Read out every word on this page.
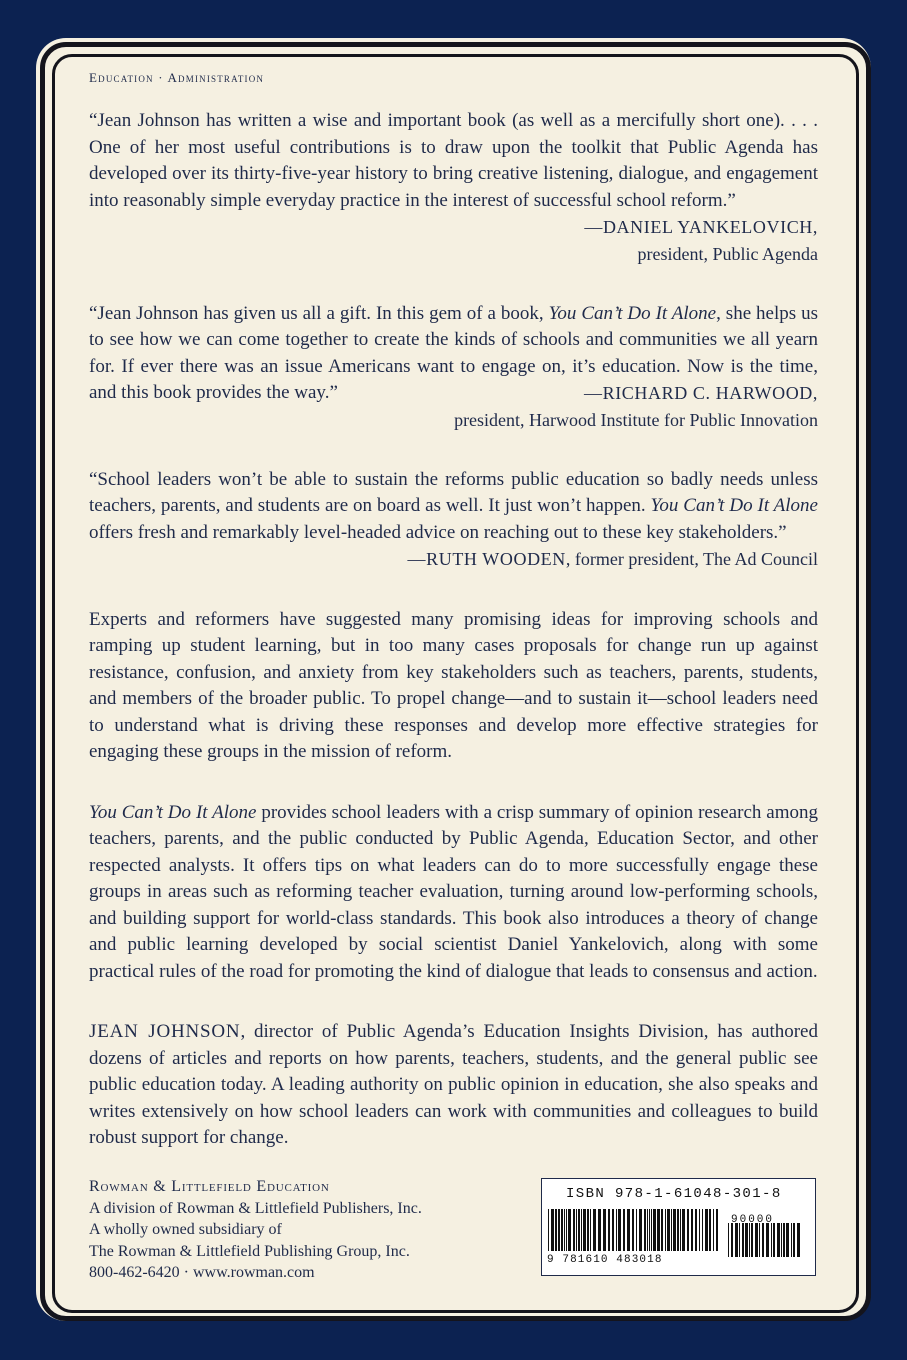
Education · Administration

“Jean Johnson has written a wise and important book (as well as a mercifully short one). . . . One of her most useful contributions is to draw upon the toolkit that Public Agenda has developed over its thirty-five-year history to bring creative listening, dialogue, and engagement into reasonably simple everyday practice in the interest of successful school reform.”
—DANIEL YANKELOVICH,

president, Public Agenda

“Jean Johnson has given us all a gift. In this gem of a book, You Can’t Do It Alone, she helps us to see how we can come together to create the kinds of schools and communities we all yearn for. If ever there was an issue Americans want to engage on, it’s education. Now is the time, and this book provides the way.”	—RICHARD C. HARWOOD,

president, Harwood Institute for Public Innovation

“School leaders won’t be able to sustain the reforms public education so badly needs unless teachers, parents, and students are on board as well. It just won’t happen. You Can’t Do It Alone offers fresh and remarkably level-headed advice on reaching out to these key stakeholders.”
—RUTH WOODEN, former president, The Ad Council

Experts and reformers have suggested many promising ideas for improving schools and ramping up student learning, but in too many cases proposals for change run up against resistance, confusion, and anxiety from key stakeholders such as teachers, parents, students, and members of the broader public. To propel change—and to sustain it—school leaders need to understand what is driving these responses and develop more effective strategies for engaging these groups in the mission of reform.

You Can’t Do It Alone provides school leaders with a crisp summary of opinion research among teachers, parents, and the public conducted by Public Agenda, Education Sector, and other respected analysts. It offers tips on what leaders can do to more successfully engage these groups in areas such as reforming teacher evaluation, turning around low-performing schools, and building support for world-class standards. This book also introduces a theory of change and public learning developed by social scientist Daniel Yankelovich, along with some practical rules of the road for promoting the kind of dialogue that leads to consensus and action.

JEAN JOHNSON, director of Public Agenda’s Education Insights Division, has authored dozens of articles and reports on how parents, teachers, students, and the general public see public education today. A leading authority on public opinion in education, she also speaks and writes extensively on how school leaders can work with communities and colleagues to build robust support for change.

Rowman & Littlefield Education
A division of Rowman & Littlefield Publishers, Inc.
A wholly owned subsidiary of
The Rowman & Littlefield Publishing Group, Inc.
800-462-6420 · www.rowman.com
ISBN 978-1-61048-301-8
90000
9 781610 483018
